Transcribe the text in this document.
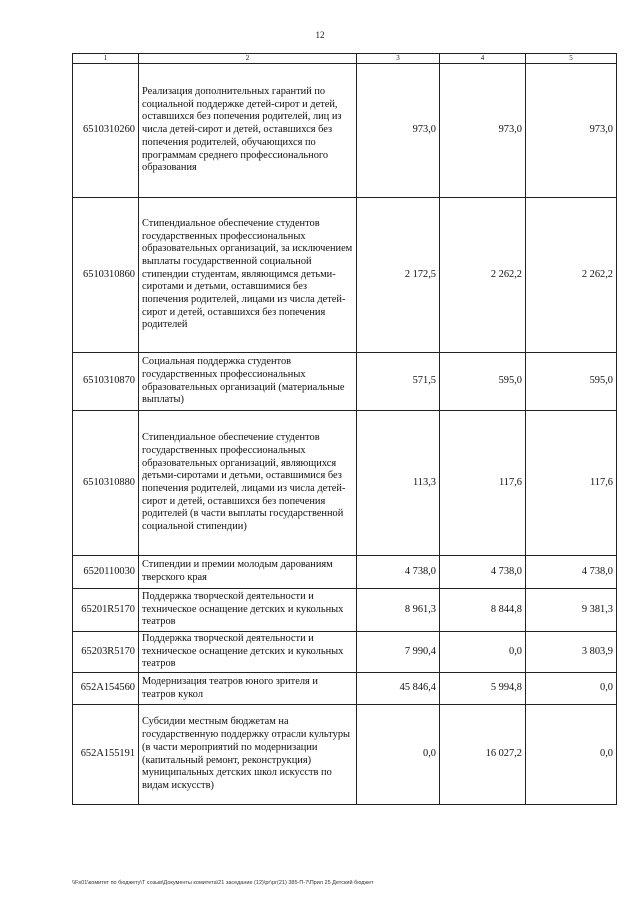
12
1	2	3	4	5
6510310260	Реализация дополнительных гарантий по социальной поддержке детей-сирот и детей, оставшихся без попечения родителей, лиц из числа детей-сирот и детей, оставшихся без попечения родителей, обучающихся по программам среднего профессионального образования	973,0	973,0	973,0
6510310860	Стипендиальное обеспечение студентов государственных профессиональных образовательных организаций, за исключением выплаты государственной социальной стипендии студентам, являющимся детьми-сиротами и детьми, оставшимися без попечения родителей, лицами из числа детей-сирот и детей, оставшихся без попечения родителей	2 172,5	2 262,2	2 262,2
6510310870	Социальная поддержка студентов государственных профессиональных образовательных организаций (материальные выплаты)	571,5	595,0	595,0
6510310880	Стипендиальное обеспечение студентов государственных профессиональных образовательных организаций, являющихся детьми-сиротами и детьми, оставшимися без попечения родителей, лицами из числа детей-сирот и детей, оставшихся без попечения родителей (в части выплаты государственной социальной стипендии)	113,3	117,6	117,6
6520110030	Стипендии и премии молодым дарованиям тверского края	4 738,0	4 738,0	4 738,0
65201R5170	Поддержка творческой деятельности и техническое оснащение детских и кукольных театров	8 961,3	8 844,8	9 381,3
65203R5170	Поддержка творческой деятельности и техническое оснащение детских и кукольных театров	7 990,4	0,0	3 803,9
652A154560	Модернизация театров юного зрителя и театров кукол	45 846,4	5 994,8	0,0
652A155191	Субсидии местным бюджетам на государственную поддержку отрасли культуры (в части мероприятий по модернизации (капитальный ремонт, реконструкция) муниципальных детских школ искусств по видам искусств)	0,0	16 027,2	0,0
\\Fs01\комитет по бюджету\Т созыв\Документы комитета\21 заседание (12)\рг\рг(21) 385-П-7\Прил 25 Детский бюджет
